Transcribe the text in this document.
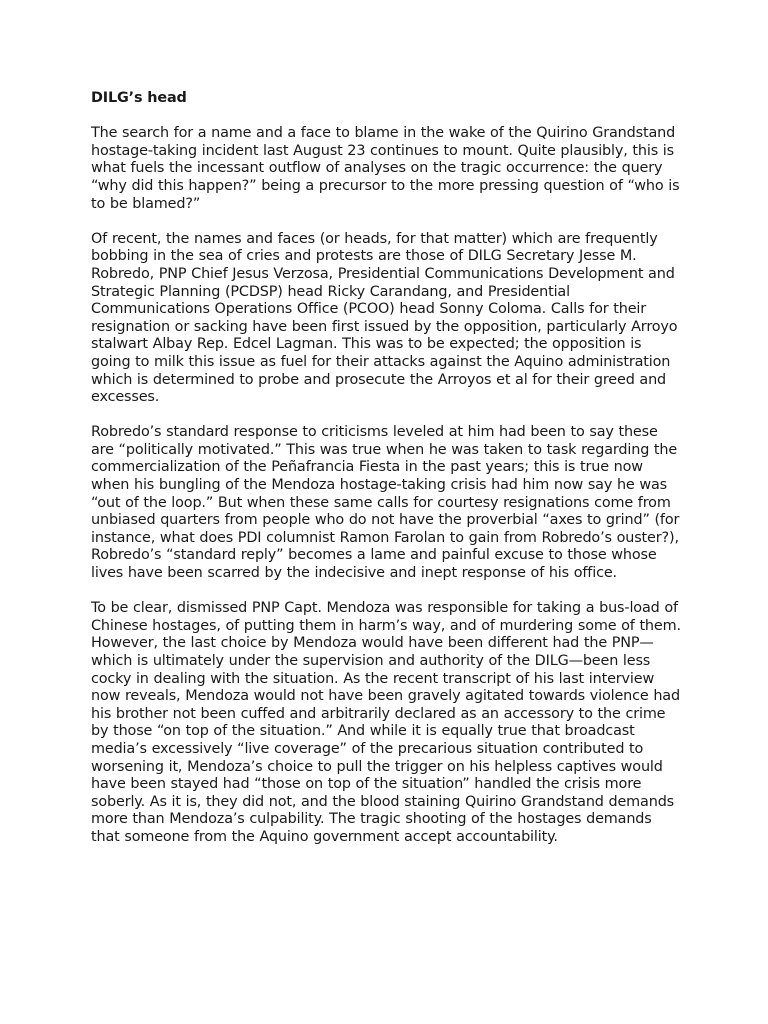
DILG’s head

The search for a name and a face to blame in the wake of the Quirino Grandstand hostage-taking incident last August 23 continues to mount. Quite plausibly, this is what fuels the incessant outflow of analyses on the tragic occurrence: the query “why did this happen?” being a precursor to the more pressing question of “who is to be blamed?”

Of recent, the names and faces (or heads, for that matter) which are frequently bobbing in the sea of cries and protests are those of DILG Secretary Jesse M. Robredo, PNP Chief Jesus Verzosa, Presidential Communications Development and Strategic Planning (PCDSP) head Ricky Carandang, and Presidential Communications Operations Office (PCOO) head Sonny Coloma. Calls for their resignation or sacking have been first issued by the opposition, particularly Arroyo stalwart Albay Rep. Edcel Lagman. This was to be expected; the opposition is going to milk this issue as fuel for their attacks against the Aquino administration which is determined to probe and prosecute the Arroyos et al for their greed and excesses.

Robredo’s standard response to criticisms leveled at him had been to say these are “politically motivated.” This was true when he was taken to task regarding the commercialization of the Peñafrancia Fiesta in the past years; this is true now when his bungling of the Mendoza hostage-taking crisis had him now say he was “out of the loop.” But when these same calls for courtesy resignations come from unbiased quarters from people who do not have the proverbial “axes to grind” (for instance, what does PDI columnist Ramon Farolan to gain from Robredo’s ouster?), Robredo’s “standard reply” becomes a lame and painful excuse to those whose lives have been scarred by the indecisive and inept response of his office.

To be clear, dismissed PNP Capt. Mendoza was responsible for taking a bus-load of Chinese hostages, of putting them in harm’s way, and of murdering some of them. However, the last choice by Mendoza would have been different had the PNP—which is ultimately under the supervision and authority of the DILG—been less cocky in dealing with the situation. As the recent transcript of his last interview now reveals, Mendoza would not have been gravely agitated towards violence had his brother not been cuffed and arbitrarily declared as an accessory to the crime by those “on top of the situation.” And while it is equally true that broadcast media’s excessively “live coverage” of the precarious situation contributed to worsening it, Mendoza’s choice to pull the trigger on his helpless captives would have been stayed had “those on top of the situation” handled the crisis more soberly. As it is, they did not, and the blood staining Quirino Grandstand demands more than Mendoza’s culpability. The tragic shooting of the hostages demands that someone from the Aquino government accept accountability.
